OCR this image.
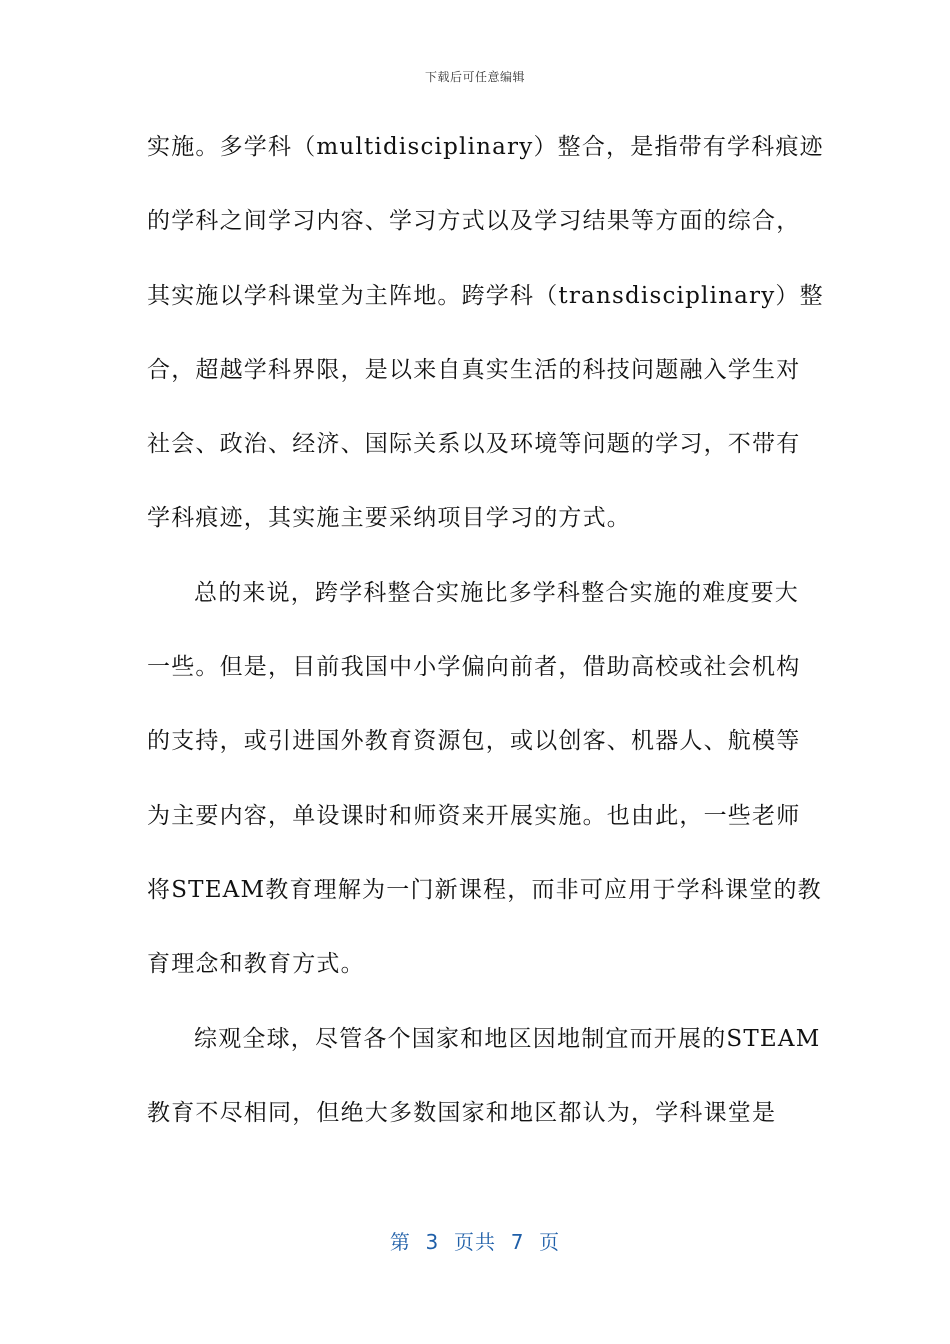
下载后可任意编辑
实施。多学科（multidisciplinary）整合，是指带有学科痕迹
的学科之间学习内容、学习方式以及学习结果等方面的综合，
其实施以学科课堂为主阵地。跨学科（transdisciplinary）整
合，超越学科界限，是以来自真实生活的科技问题融入学生对
社会、政治、经济、国际关系以及环境等问题的学习，不带有
学科痕迹，其实施主要采纳项目学习的方式。
总的来说，跨学科整合实施比多学科整合实施的难度要大
一些。但是，目前我国中小学偏向前者，借助高校或社会机构
的支持，或引进国外教育资源包，或以创客、机器人、航模等
为主要内容，单设课时和师资来开展实施。也由此，一些老师
将STEAM教育理解为一门新课程，而非可应用于学科课堂的教
育理念和教育方式。
综观全球，尽管各个国家和地区因地制宜而开展的STEAM
教育不尽相同，但绝大多数国家和地区都认为，学科课堂是
第  3  页共  7  页
